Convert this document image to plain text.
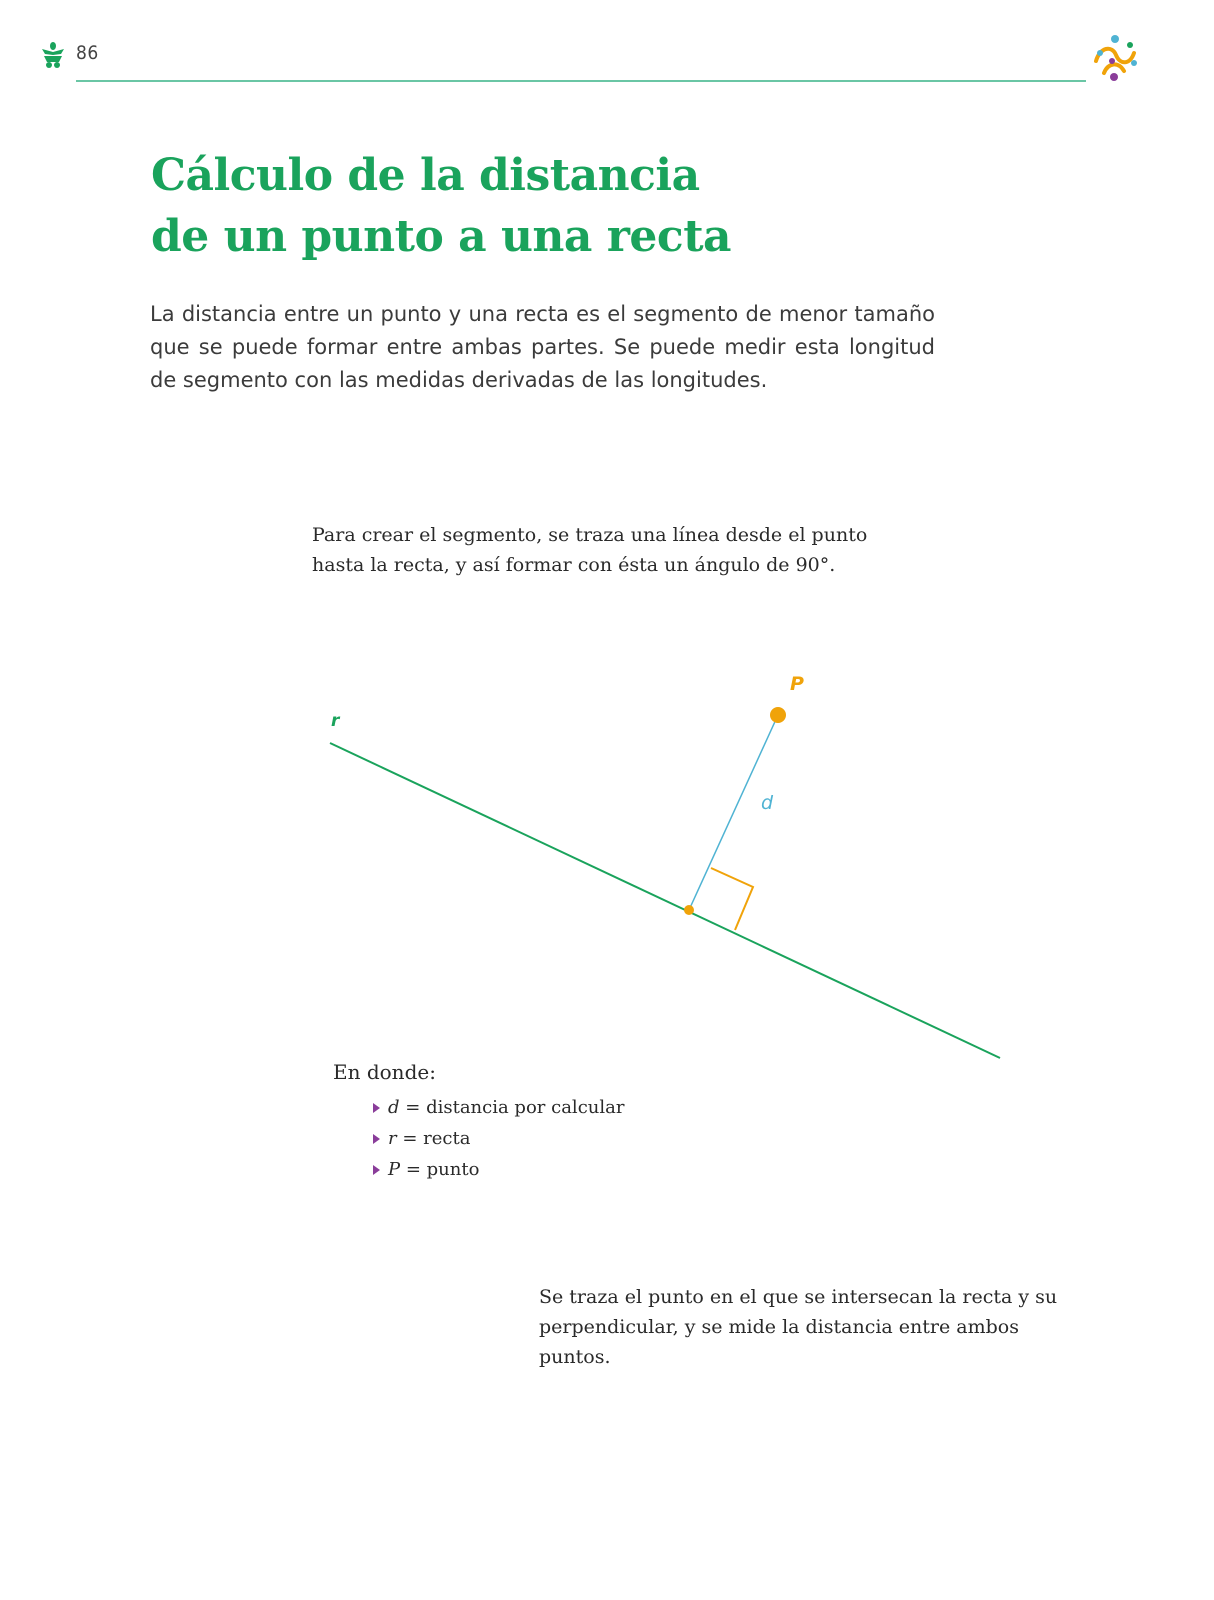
86
Cálculo de la distancia
de un punto a una recta

La distancia entre un punto y una recta es el segmento de menor tamaño que se puede formar entre ambas partes. Se puede medir esta longitud de segmento con las medidas derivadas de las longitudes.

Para crear el segmento, se traza una línea desde el punto hasta la recta, y así formar con ésta un ángulo de 90°.

r
P
d

En donde:

d
= distancia por calcular
r
= recta
P
= punto

Se traza el punto en el que se intersecan la recta y su perpendicular, y se mide la distancia entre ambos puntos.
